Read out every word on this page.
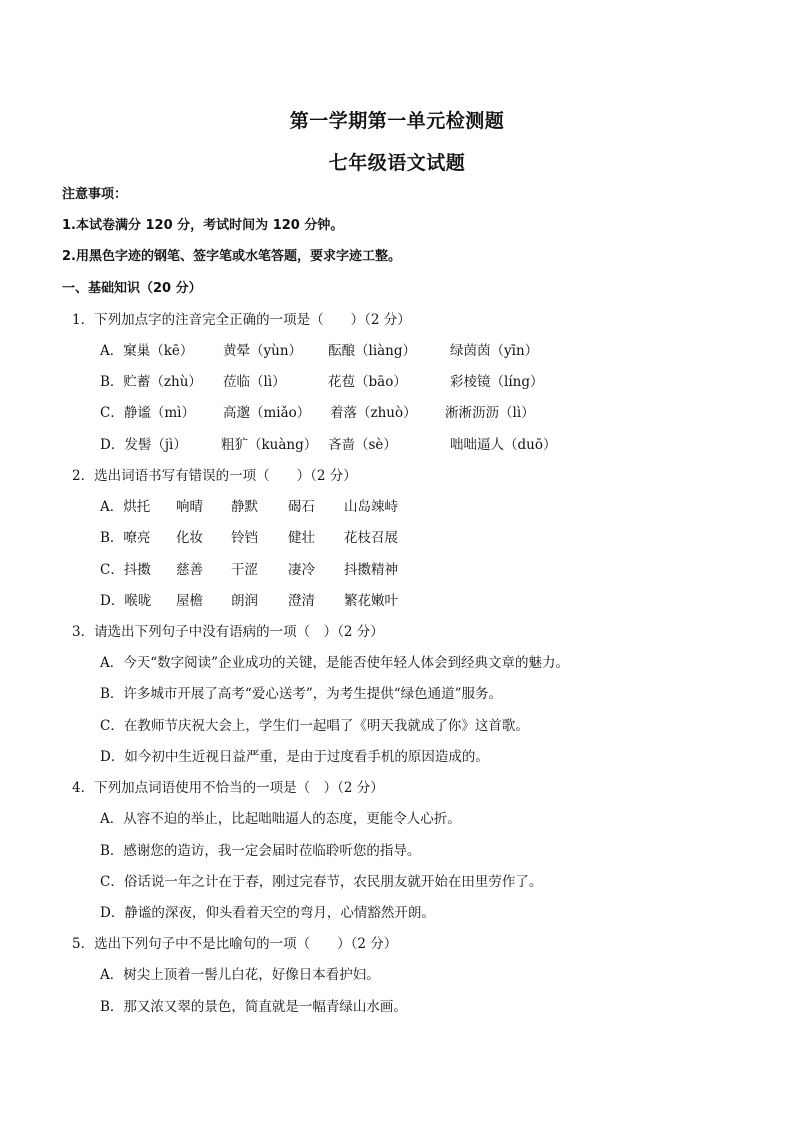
第一学期第一单元检测题
七年级语文试题
注意事项：
1.本试卷满分 120 分，考试时间为 120 分钟。
2.用黑色字迹的钢笔、签字笔或水笔答题，要求字迹工整。
一、基础知识（20 分）
1．下列加点字的注音完全正确的一项是（　　）（2 分）
A．窠巢（kē） 黄晕（yùn） 酝酿（liàng）	绿茵茵（yīn）
B．贮蓄（zhù） 莅临（lì）	花苞（bāo）	彩棱镜（líng）
C．静谧（mì） 高邈（miǎo） 着落（zhuò） 淅淅沥沥（lì）
D．发髻（jì）	粗犷（kuàng） 吝啬（sè）	咄咄逼人（duō）
2．选出词语书写有错误的一项（　　）（2 分）
A．烘托 响晴 静默 碣石 山岛竦峙
B．嘹亮 化妆 铃铛 健壮 花枝召展
C．抖擞 慈善 干涩 凄冷 抖擞精神
D．喉咙 屋檐 朗润 澄清 繁花嫩叶
3．请选出下列句子中没有语病的一项（　）（2 分）
A．今天“数字阅读”企业成功的关键，是能否使年轻人体会到经典文章的魅力。
B．许多城市开展了高考“爱心送考”，为考生提供“绿色通道”服务。
C．在教师节庆祝大会上，学生们一起唱了《明天我就成了你》这首歌。
D．如今初中生近视日益严重，是由于过度看手机的原因造成的。
4．下列加点词语使用不恰当的一项是（　）（2 分）
A．从容不迫的举止，比起咄咄逼人的态度，更能令人心折。
B．感谢您的造访，我一定会届时莅临聆听您的指导。
C．俗话说一年之计在于春，刚过完春节，农民朋友就开始在田里劳作了。
D．静谧的深夜，仰头看着天空的弯月，心情豁然开朗。
5．选出下列句子中不是比喻句的一项（　　）（2 分）
A．树尖上顶着一髻儿白花，好像日本看护妇。
B．那又浓又翠的景色，简直就是一幅青绿山水画。
